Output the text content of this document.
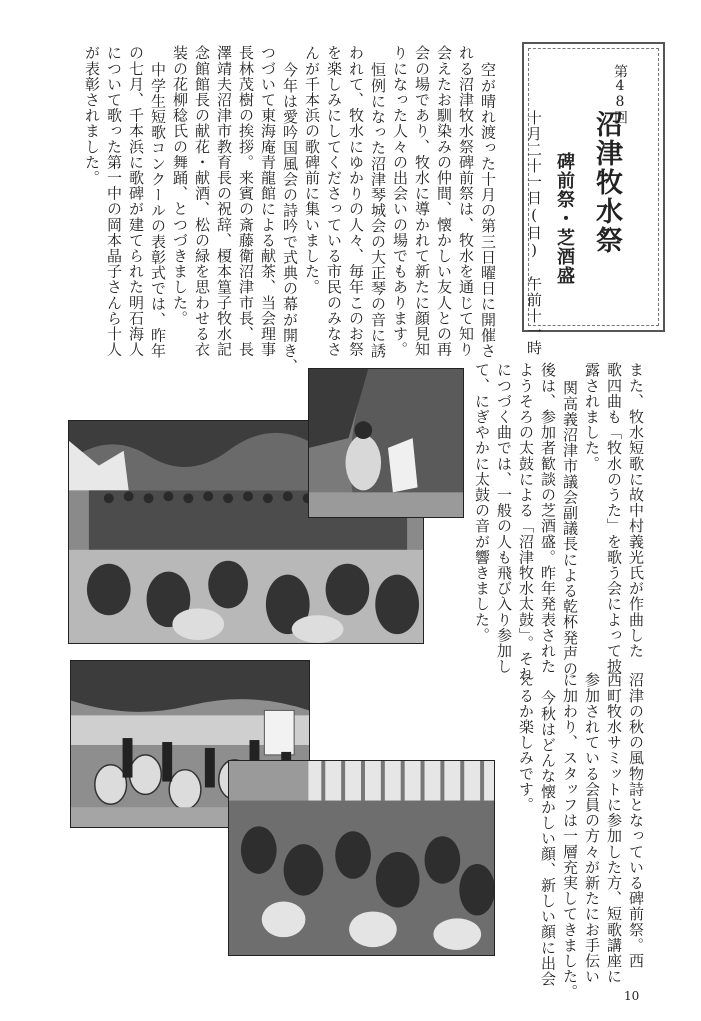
第48回
沼津牧水祭
碑前祭・芝酒盛
十月二十一日(日)　午前十一時
空が晴れ渡った十月の第三日曜日に開催さ
れる沼津牧水祭碑前祭は、牧水を通じて知り
会えたお馴染みの仲間、懐かしい友人との再
会の場であり、牧水に導かれて新たに顔見知
りになった人々の出会いの場でもあります。
恒例になった沼津琴城会の大正琴の音に誘
われて、牧水にゆかりの人々、毎年このお祭
を楽しみにしてくださっている市民のみなさ
んが千本浜の歌碑前に集いました。
今年は愛吟国風会の詩吟で式典の幕が開き、
つづいて東海庵青龍館による献茶、当会理事
長林茂樹の挨拶。来賓の斎藤衛沼津市長、長
澤靖夫沼津市教育長の祝辞、榎本篁子牧水記
念館館長の献花・献酒、松の緑を思わせる衣
装の花柳稔氏の舞踊、とつづきました。
中学生短歌コンクールの表彰式では、昨年
の七月、千本浜に歌碑が建てられた明石海人
について歌った第一中の岡本晶子さんら十人
が表彰されました。
また、牧水短歌に故中村義光氏が作曲した
歌四曲も「牧水のうた」を歌う会によって披
露されました。
関高義沼津市議会副議長による乾杯発声の
後は、参加者歓談の芝酒盛。昨年発表された
ようそろの太鼓による「沼津牧水太鼓」。それ
につづく曲では、一般の人も飛び入り参加し
て、にぎやかに太鼓の音が響きました。
沼津の秋の風物詩となっている碑前祭。西
西町牧水サミットに参加した方、短歌講座に
参加されている会員の方々が新たにお手伝い
に加わり、スタッフは一層充実してきました。
今秋はどんな懐かしい顔、新しい顔に出会
えるか楽しみです。
10
